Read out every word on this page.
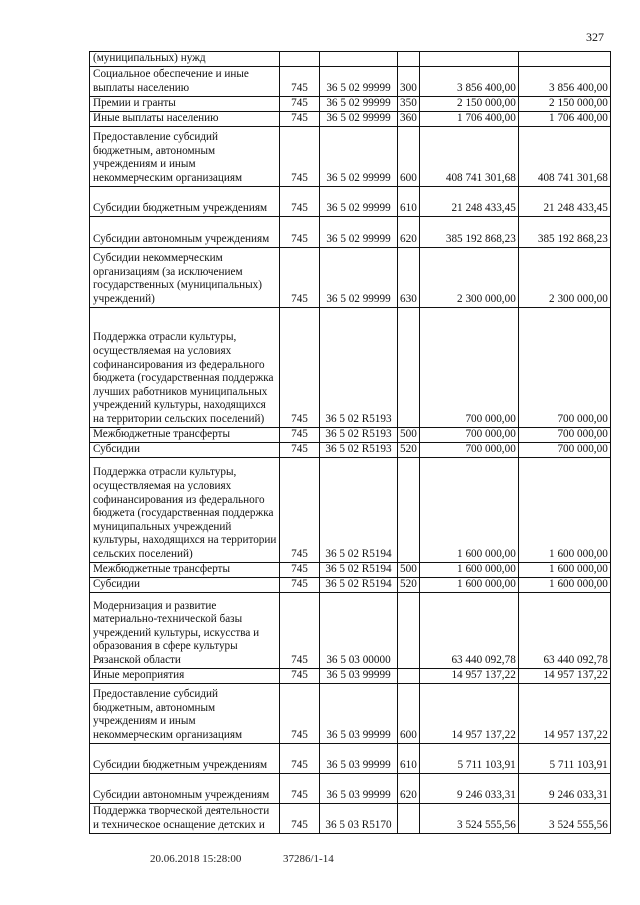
327
(муниципальных) нужд					
Социальное обеспечение и иные выплаты населению	745	36 5 02 99999	300	3 856 400,00	3 856 400,00
Премии и гранты	745	36 5 02 99999	350	2 150 000,00	2 150 000,00
Иные выплаты населению	745	36 5 02 99999	360	1 706 400,00	1 706 400,00
Предоставление субсидий бюджетным, автономным учреждениям и иным некоммерческим организациям	745	36 5 02 99999	600	408 741 301,68	408 741 301,68
Субсидии бюджетным учреждениям	745	36 5 02 99999	610	21 248 433,45	21 248 433,45
Субсидии автономным учреждениям	745	36 5 02 99999	620	385 192 868,23	385 192 868,23
Субсидии некоммерческим организациям (за исключением государственных (муниципальных) учреждений)	745	36 5 02 99999	630	2 300 000,00	2 300 000,00
Поддержка отрасли культуры, осуществляемая на условиях софинансирования из федерального бюджета (государственная поддержка лучших работников муниципальных учреждений культуры, находящихся на территории сельских поселений)	745	36 5 02 R5193		700 000,00	700 000,00
Межбюджетные трансферты	745	36 5 02 R5193	500	700 000,00	700 000,00
Субсидии	745	36 5 02 R5193	520	700 000,00	700 000,00
Поддержка отрасли культуры, осуществляемая на условиях софинансирования из федерального бюджета (государственная поддержка муниципальных учреждений культуры, находящихся на территории сельских поселений)	745	36 5 02 R5194		1 600 000,00	1 600 000,00
Межбюджетные трансферты	745	36 5 02 R5194	500	1 600 000,00	1 600 000,00
Субсидии	745	36 5 02 R5194	520	1 600 000,00	1 600 000,00
Модернизация и развитие материально-технической базы учреждений культуры, искусства и образования в сфере культуры Рязанской области	745	36 5 03 00000		63 440 092,78	63 440 092,78
Иные мероприятия	745	36 5 03 99999		14 957 137,22	14 957 137,22
Предоставление субсидий бюджетным, автономным учреждениям и иным некоммерческим организациям	745	36 5 03 99999	600	14 957 137,22	14 957 137,22
Субсидии бюджетным учреждениям	745	36 5 03 99999	610	5 711 103,91	5 711 103,91
Субсидии автономным учреждениям	745	36 5 03 99999	620	9 246 033,31	9 246 033,31
Поддержка творческой деятельности и техническое оснащение детских и	745	36 5 03 R5170		3 524 555,56	3 524 555,56
20.06.2018 15:28:00	37286/1-14
